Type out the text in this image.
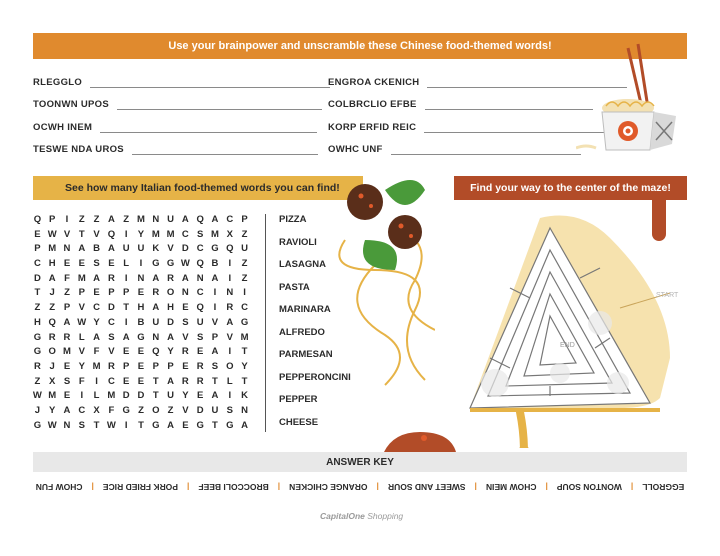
Use your brainpower and unscramble these Chinese food-themed words!
RLEGGLO
TOONWN UPOS
OCWH INEM
TESWE NDA UROS
ENGROA CKENICH
COLBRCLIO EFBE
KORP ERFID REIC
OWHC UNF
See how many Italian food-themed words you can find!	Find your way to the center of the maze!
Q P	I	Z Z A Z M N U A Q A C P
E W V T V Q	I	Y M M C S M X Z
P M N A B A U U K V D C G Q U
C H E E S E L	I	G G W Q B	I	Z
D A F M A R	I	N A R A N A	I	Z
T J Z P E P P E R O N C	I	N	I
Z Z P V C D T H A H E Q	I	R C
H Q A W Y C	I	B U D S U V A G
G R R L A S A G N A V S P V M
G O M V F V E E Q Y R E A	I	T
R J E Y M R P E P P E R S O Y
Z X S F	I	C E E T A R R T L T
W M E	I	L M D D T U Y E A	I	K
J Y A C X F G Z O Z V D U S N
G W N S T W I	T G A E G T G A
PIZZA
RAVIOLI
LASAGNA
PASTA
MARINARA
ALFREDO
PARMESAN
PEPPERONCINI
PEPPER
CHEESE
START
END
ANSWER KEY
EGGROLL
|
WONTON SOUP
|
CHOW MEIN
|
SWEET AND SOUR
|
ORANGE CHICKEN
|
BROCCOLI BEEF
|
PORK FRIED RICE
|
CHOW FUN
CapitalOne Shopping
